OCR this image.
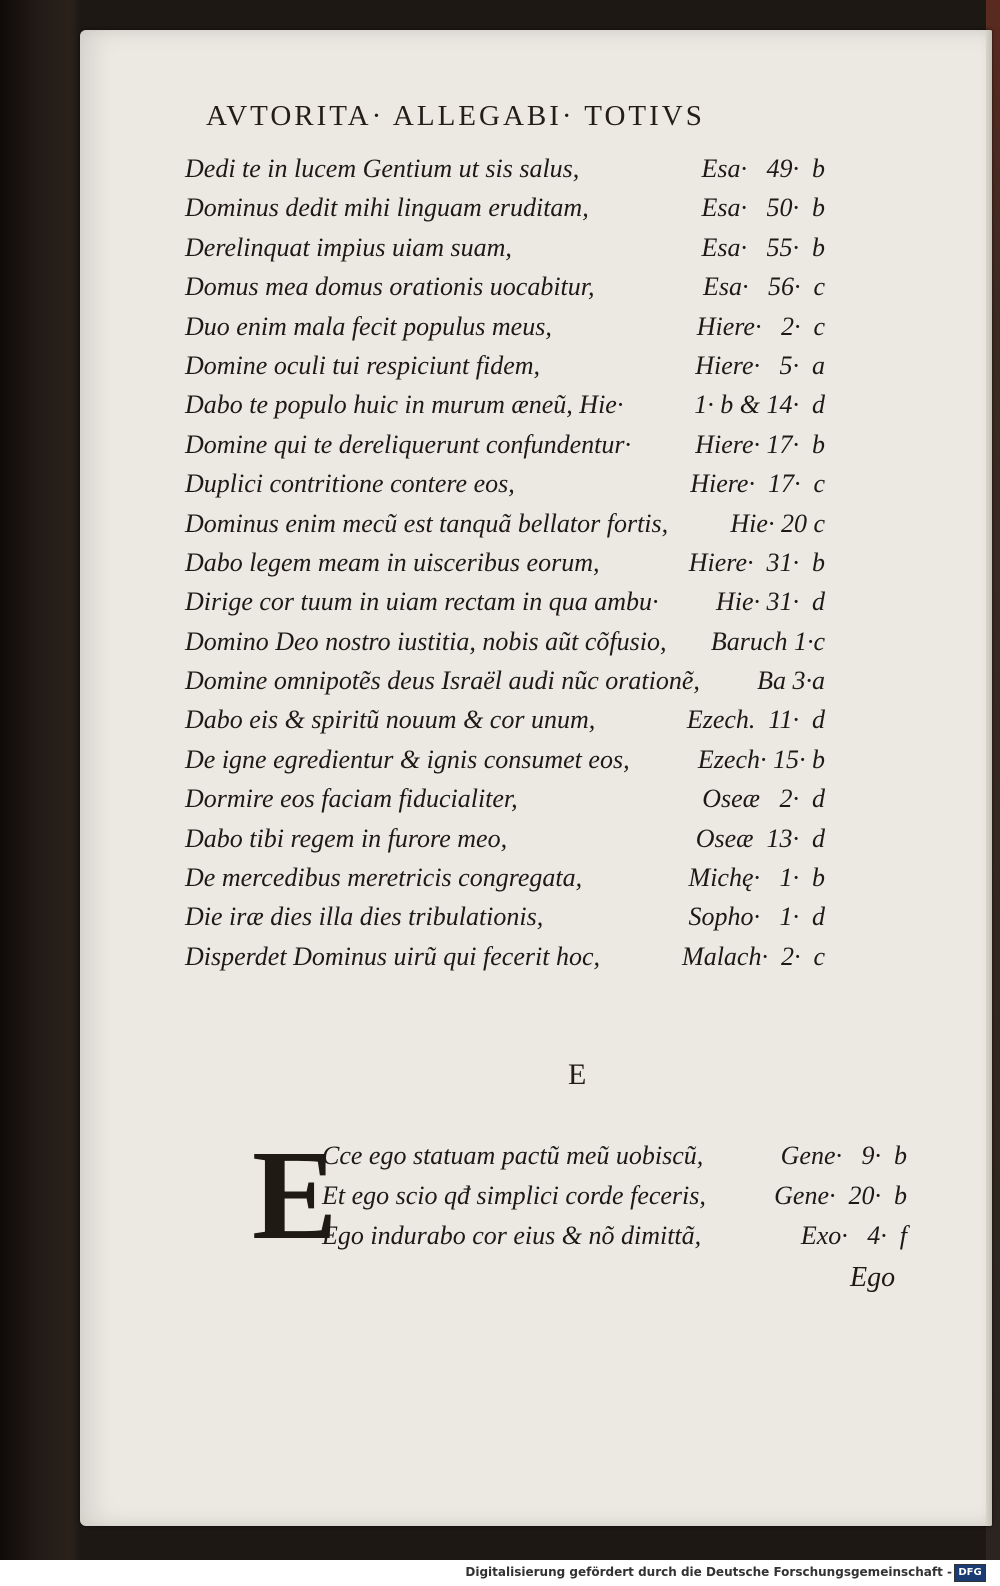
AVTORITA· ALLEGABI· TOTIVS
Dedi te in lucem Gentium ut sis salus,	Esa·   49·  b
Dominus dedit mihi linguam eruditam,	Esa·   50·  b
Derelinquat impius uiam suam,	Esa·   55·  b
Domus mea domus orationis uocabitur,	Esa·   56·  c
Duo enim mala fecit populus meus,	Hiere·   2·  c
Domine oculi tui respiciunt fidem,	Hiere·   5·  a
Dabo te populo huic in murum æneũ, Hie·	1· b & 14·  d
Domine qui te dereliquerunt confundentur·	Hiere· 17·  b
Duplici contritione contere eos,	Hiere·  17·  c
Dominus enim mecũ est tanquã bellator fortis,	Hie· 20 c
Dabo legem meam in uisceribus eorum,	Hiere·  31·  b
Dirige cor tuum in uiam rectam in qua ambu·	Hie· 31·  d
Domino Deo nostro iustitia, nobis aũt cõfusio,	Baruch 1·c
Domine omnipotẽs deus Israël audi nũc orationẽ,	Ba 3·a
Dabo eis & spiritũ nouum & cor unum,	Ezech.  11·  d
De igne egredientur & ignis consumet eos,	Ezech· 15· b
Dormire eos faciam fiducialiter,	Oseæ   2·  d
Dabo tibi regem in furore meo,	Oseæ  13·  d
De mercedibus meretricis congregata,	Michę·   1·  b
Die iræ dies illa dies tribulationis,	Sopho·   1·  d
Disperdet Dominus uirũ qui fecerit hoc,	Malach·  2·  c
E
E
Cce ego statuam pactũ meũ uobiscũ,	Gene·   9·  b
Et ego scio qđ simplici corde feceris,	Gene·  20·  b
Ego indurabo cor eius & nõ dimittã,	Exo·   4·  f
Ego
Digitalisierung gefördert durch die Deutsche Forschungsgemeinschaft - DFG
